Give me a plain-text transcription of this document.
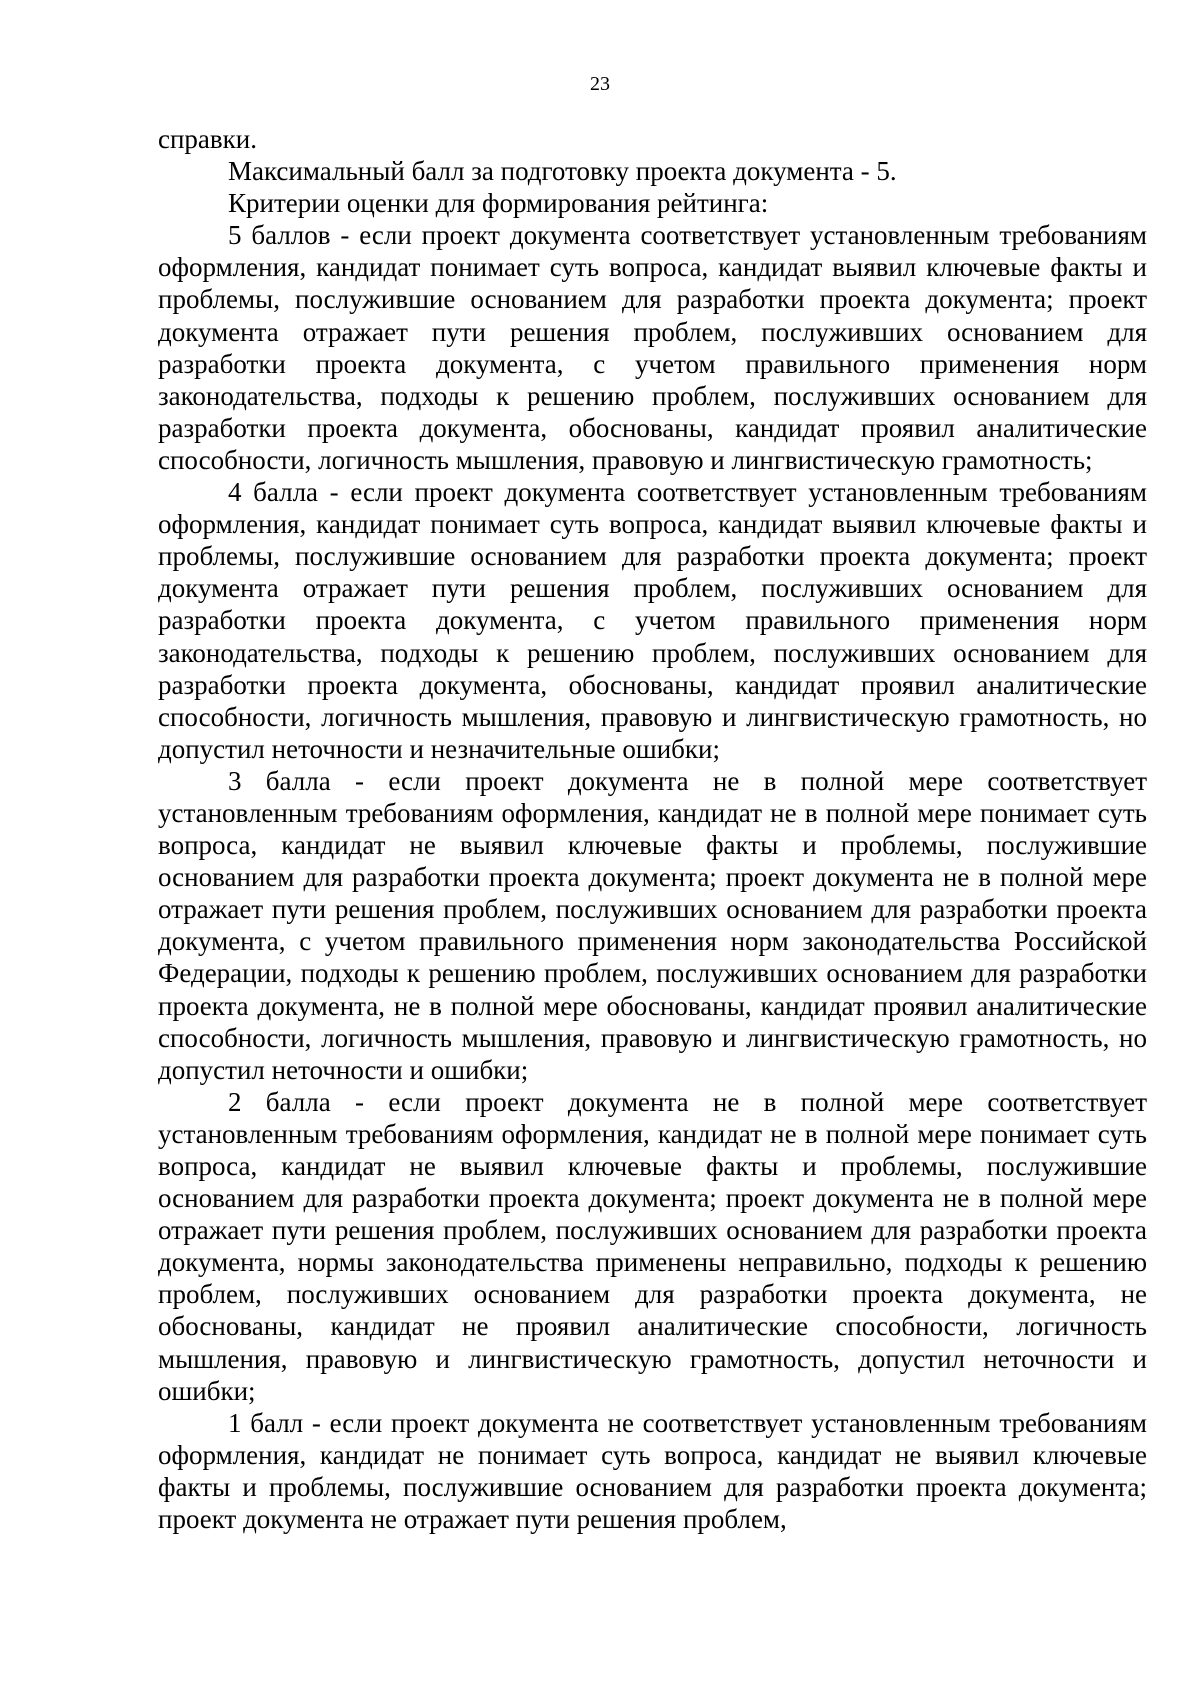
23

справки.

Максимальный балл за подготовку проекта документа - 5.

Критерии оценки для формирования рейтинга:

5 баллов - если проект документа соответствует установленным требованиям оформления, кандидат понимает суть вопроса, кандидат выявил ключевые факты и проблемы, послужившие основанием для разработки проекта документа; проект документа отражает пути решения проблем, послуживших основанием для разработки проекта документа, с учетом правильного применения норм законодательства, подходы к решению проблем, послуживших основанием для разработки проекта документа, обоснованы, кандидат проявил аналитические способности, логичность мышления, правовую и лингвистическую грамотность;

4 балла - если проект документа соответствует установленным требованиям оформления, кандидат понимает суть вопроса, кандидат выявил ключевые факты и проблемы, послужившие основанием для разработки проекта документа; проект документа отражает пути решения проблем, послуживших основанием для разработки проекта документа, с учетом правильного применения норм законодательства, подходы к решению проблем, послуживших основанием для разработки проекта документа, обоснованы, кандидат проявил аналитические способности, логичность мышления, правовую и лингвистическую грамотность, но допустил неточности и незначительные ошибки;

3 балла - если проект документа не в полной мере соответствует установленным требованиям оформления, кандидат не в полной мере понимает суть вопроса, кандидат не выявил ключевые факты и проблемы, послужившие основанием для разработки проекта документа; проект документа не в полной мере отражает пути решения проблем, послуживших основанием для разработки проекта документа, с учетом правильного применения норм законодательства Российской Федерации, подходы к решению проблем, послуживших основанием для разработки проекта документа, не в полной мере обоснованы, кандидат проявил аналитические способности, логичность мышления, правовую и лингвистическую грамотность, но допустил неточности и ошибки;

2 балла - если проект документа не в полной мере соответствует установленным требованиям оформления, кандидат не в полной мере понимает суть вопроса, кандидат не выявил ключевые факты и проблемы, послужившие основанием для разработки проекта документа; проект документа не в полной мере отражает пути решения проблем, послуживших основанием для разработки проекта документа, нормы законодательства применены неправильно, подходы к решению проблем, послуживших основанием для разработки проекта документа, не обоснованы, кандидат не проявил аналитические способности, логичность мышления, правовую и лингвистическую грамотность, допустил неточности и ошибки;

1 балл - если проект документа не соответствует установленным требованиям оформления, кандидат не понимает суть вопроса, кандидат не выявил ключевые факты и проблемы, послужившие основанием для разработки проекта документа; проект документа не отражает пути решения проблем,
